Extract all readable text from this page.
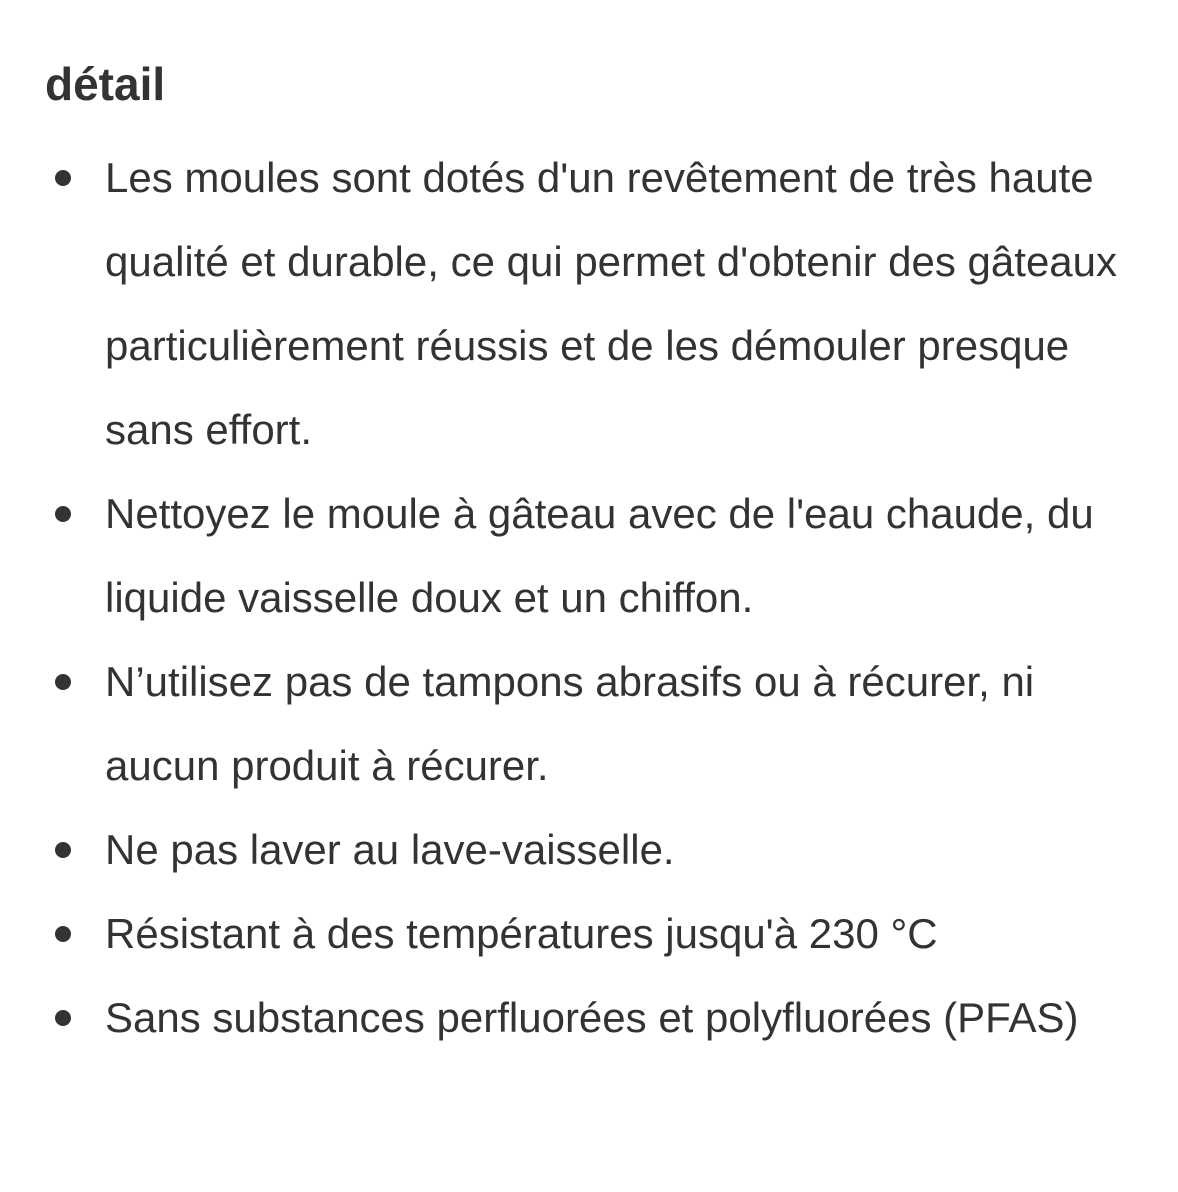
détail
Les moules sont dotés d'un revêtement de très haute qualité et durable, ce qui permet d'obtenir des gâteaux particulièrement réussis et de les démouler presque sans effort.
Nettoyez le moule à gâteau avec de l'eau chaude, du liquide vaisselle doux et un chiffon.
N’utilisez pas de tampons abrasifs ou à récurer, ni aucun produit à récurer.
Ne pas laver au lave-vaisselle.
Résistant à des températures jusqu'à 230 °C
Sans substances perfluorées et polyfluorées (PFAS)
